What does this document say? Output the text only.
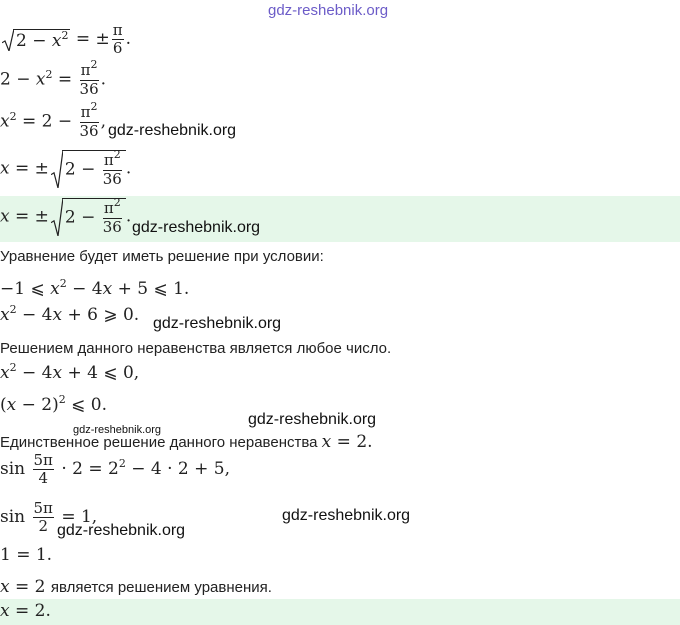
gdz-reshebnik.org
$2 - x^2$ = ± $\frac{\pi}{6}$ .
$2 - x^2 = \frac{\pi^2}{36}$ .
$x^2 = 2 - \frac{\pi^2}{36}$ , gdz-reshebnik.org
x = ± $2 - \frac{\pi^2}{36}$ .
x = ± $2 - \frac{\pi^2}{36}$ .
gdz-reshebnik.org
Уравнение будет иметь решение при условии:
−1 ⩽ $x^2 - 4x + 5$ ⩽ 1.
$x^2 - 4x + 6$ ⩾ 0. gdz-reshebnik.org
Решением данного неравенства является любое число.
$x^2 - 4x + 4$ ⩽ 0,
$(x - 2)^2$ ⩽ 0.
gdz-reshebnik.org
gdz-reshebnik.org
Единственное решение данного неравенства x = 2.
$\sin \frac{5\pi}{4} \cdot 2 = 2^2 - 4 \cdot 2 + 5$,
$\sin \frac{5\pi}{2} = 1$,	gdz-reshebnik.org
gdz-reshebnik.org
1 = 1.
x = 2 является решением уравнения.
x = 2.
